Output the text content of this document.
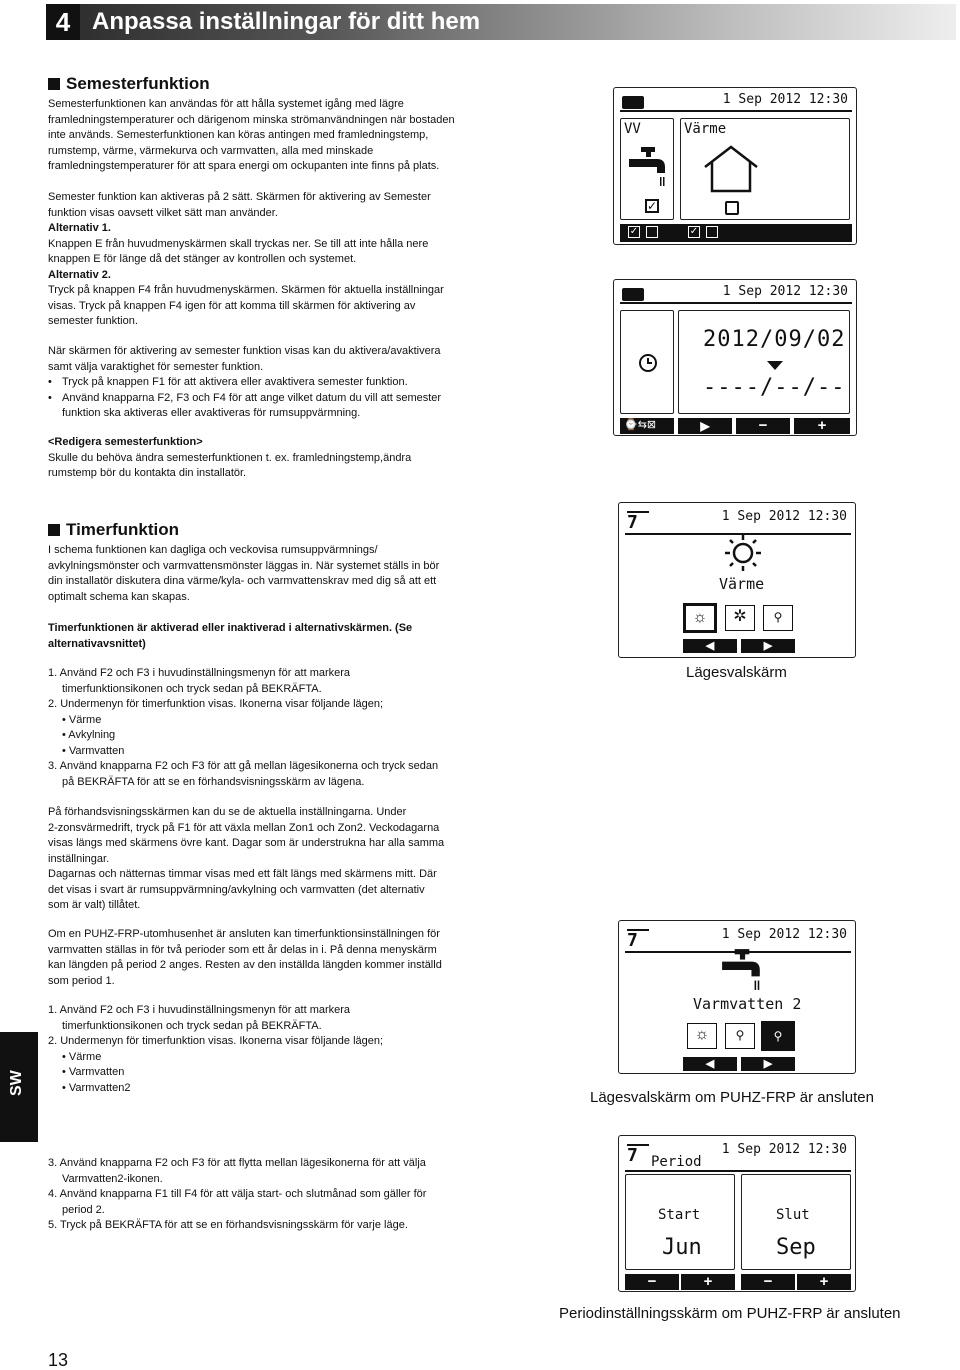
4 Anpassa inställningar för ditt hem
Semesterfunktion

Semesterfunktionen kan användas för att hålla systemet igång med lägre

framledningstemperaturer och därigenom minska strömanvändningen när bostaden

inte används. Semesterfunktionen kan köras antingen med framledningstemp,

rumstemp, värme, värmekurva och varmvatten, alla med minskade

framledningstemperaturer för att spara energi om ockupanten inte finns på plats.

Semester funktion kan aktiveras på 2 sätt. Skärmen för aktivering av Semester

funktion visas oavsett vilket sätt man använder.

Alternativ 1.

Knappen E från huvudmenyskärmen skall tryckas ner. Se till att inte hålla nere

knappen E för länge då det stänger av kontrollen och systemet.

Alternativ 2.

Tryck på knappen F4 från huvudmenyskärmen. Skärmen för aktuella inställningar

visas. Tryck på knappen F4 igen för att komma till skärmen för aktivering av

semester funktion.

När skärmen för aktivering av semester funktion visas kan du aktivera/avaktivera

samt välja varaktighet för semester funktion.

• Tryck på knappen F1 för att aktivera eller avaktivera semester funktion.

• Använd knapparna F2, F3 och F4 för att ange vilket datum du vill att semester

funktion ska aktiveras eller avaktiveras för rumsuppvärmning.

<Redigera semesterfunktion>

Skulle du behöva ändra semesterfunktionen t. ex. framledningstemp,ändra

rumstemp bör du kontakta din installatör.

Timerfunktion

I schema funktionen kan dagliga och veckovisa rumsuppvärmnings/

avkylningsmönster och varmvattensmönster läggas in. När systemet ställs in bör

din installatör diskutera dina värme/kyla- och varmvattenskrav med dig så att ett

optimalt schema kan skapas.

Timerfunktionen är aktiverad eller inaktiverad i alternativskärmen. (Se

alternativavsnittet)

1. Använd F2 och F3 i huvudinställningsmenyn för att markera

timerfunktionsikonen och tryck sedan på BEKRÄFTA.

2. Undermenyn för timerfunktion visas. Ikonerna visar följande lägen;

• Värme

• Avkylning

• Varmvatten

3. Använd knapparna F2 och F3 för att gå mellan lägesikonerna och tryck sedan

på BEKRÄFTA för att se en förhandsvisningsskärm av lägena.

På förhandsvisningsskärmen kan du se de aktuella inställningarna. Under

2-zonsvärmedrift, tryck på F1 för att växla mellan Zon1 och Zon2. Veckodagarna

visas längs med skärmens övre kant. Dagar som är understrukna har alla samma

inställningar.

Dagarnas och nätternas timmar visas med ett fält längs med skärmens mitt. Där

det visas i svart är rumsuppvärmning/avkylning och varmvatten (det alternativ

som är valt) tillåtet.

Om en PUHZ-FRP-utomhusenhet är ansluten kan timerfunktionsinställningen för

varmvatten ställas in för två perioder som ett år delas in i. På denna menyskärm

kan längden på period 2 anges. Resten av den inställda längden kommer inställd

som period 1.

1. Använd F2 och F3 i huvudinställningsmenyn för att markera

timerfunktionsikonen och tryck sedan på BEKRÄFTA.

2. Undermenyn för timerfunktion visas. Ikonerna visar följande lägen;

• Värme

• Varmvatten

• Varmvatten2

3. Använd knapparna F2 och F3 för att flytta mellan lägesikonerna för att välja

Varmvatten2-ikonen.

4. Använd knapparna F1 till F4 för att välja start- och slutmånad som gäller för

period 2.

5. Tryck på BEKRÄFTA för att se en förhandsvisningsskärm för varje läge.

1 Sep 2012 12:30
VV
✓
Värme
✓	✓
1 Sep 2012 12:30
2012/09/02
----/--/--
⌚⇆⊠	▶	−	+
7	1 Sep 2012 12:30
Värme
☼	✲	⚲
◀	▶
Lägesvalskärm
7	1 Sep 2012 12:30
Varmvatten 2
☼	⚲	⚲
◀	▶
Lägesvalskärm om PUHZ-FRP är ansluten
7 Period
1 Sep 2012 12:30
Start
Jun
Slut
Sep
−	+	−	+
Periodinställningsskärm om PUHZ-FRP är ansluten
SW
13
